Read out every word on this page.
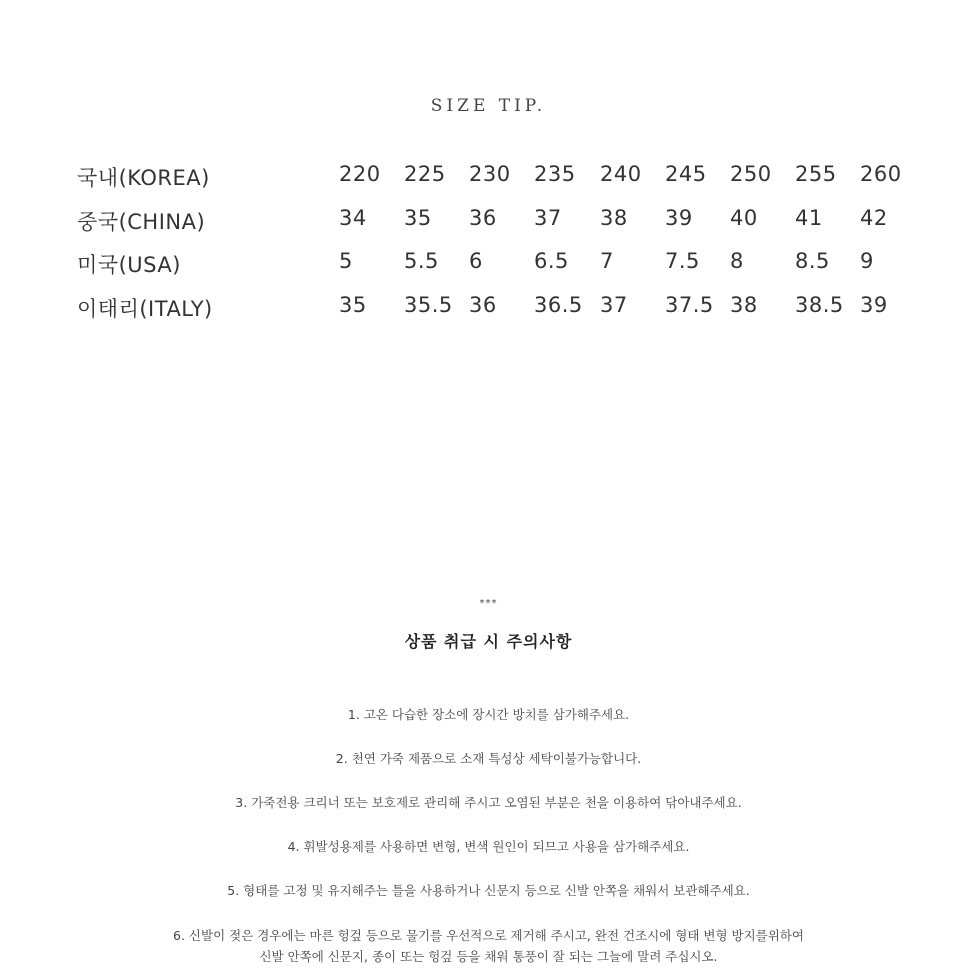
SIZE TIP.
국내(KOREA)	220 225 230 235 240 245 250 255 260
중국(CHINA)	34 35 36 37 38 39 40 41 42
미국(USA)	5 5.5 6 6.5 7 7.5 8 8.5 9
이태리(ITALY)	35 35.5 36 36.5 37 37.5 38 38.5 39
***
상품 취급 시 주의사항
1. 고온 다습한 장소에 장시간 방치를 삼가해주세요.
2. 천연 가죽 제품으로 소재 특성상 세탁이불가능합니다.
3. 가죽전용 크리너 또는 보호제로 관리해 주시고 오염된 부분은 천을 이용하여 닦아내주세요.
4. 휘발성용제를 사용하면 변형, 변색 원인이 되므고 사용을 삼가해주세요.
5. 형태를 고정 및 유지해주는 틀을 사용하거나 신문지 등으로 신발 안쪽을 채워서 보관해주세요.
6. 신발이 젖은 경우에는 마른 헝겊 등으로 물기를 우선적으로 제거해 주시고, 완전 건조시에 형태 변형 방지를위하여
신발 안쪽에 신문지, 종이 또는 헝겊 등을 채워 통풍이 잘 되는 그늘에 말려 주십시오.
